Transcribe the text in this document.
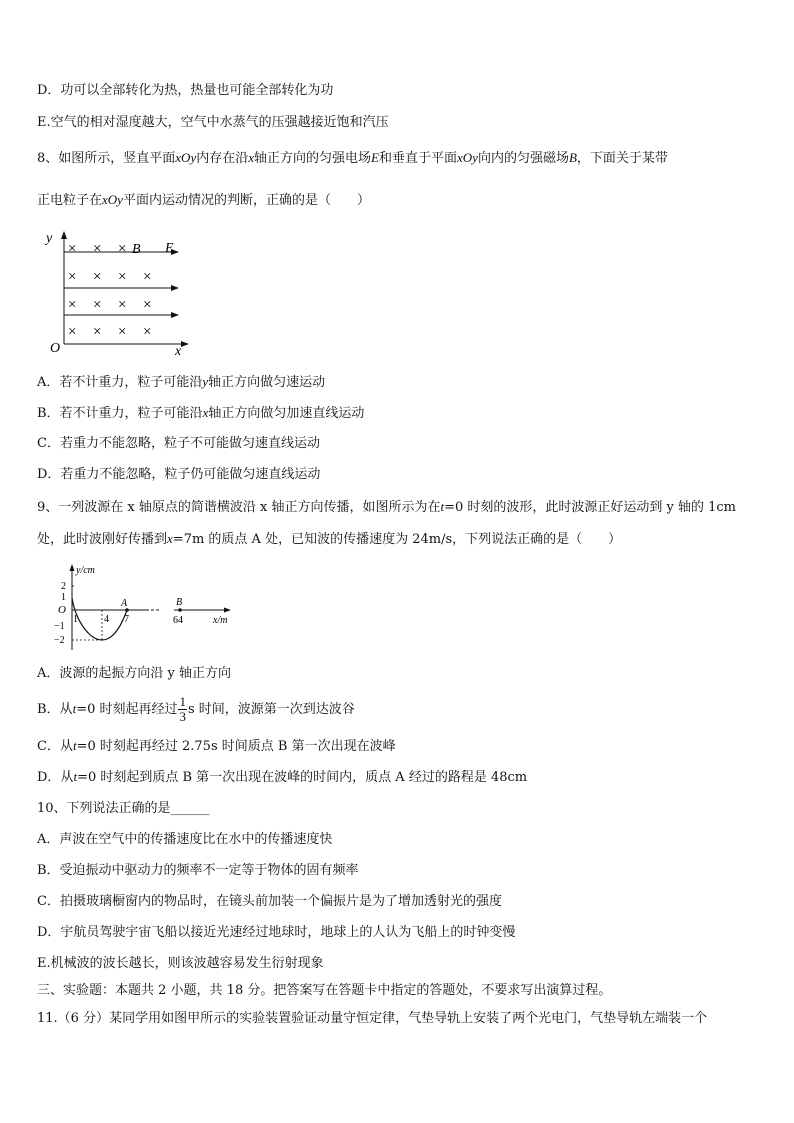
D．功可以全部转化为热，热量也可能全部转化为功
E.空气的相对湿度越大，空气中水蒸气的压强越接近饱和汽压
8、如图所示，竖直平面xOy内存在沿x轴正方向的匀强电场E和垂直于平面xOy向内的匀强磁场B，下面关于某带
正电粒子在xOy平面内运动情况的判断，正确的是（　　）
y
x
O
B E
× × ×
× × × ×
× × × ×
× × × ×
A．若不计重力，粒子可能沿y轴正方向做匀速运动
B．若不计重力，粒子可能沿x轴正方向做匀加速直线运动
C．若重力不能忽略，粒子不可能做匀速直线运动
D．若重力不能忽略，粒子仍可能做匀速直线运动
9、一列波源在 x 轴原点的简谐横波沿 x 轴正方向传播，如图所示为在t=0 时刻的波形，此时波源正好运动到 y 轴的 1cm
处，此时波刚好传播到x=7m 的质点 A 处，已知波的传播速度为 24m/s，下列说法正确的是（　　）
y/cm
x/m
O
2
1
−1
−2
1	4 7	64
A	B
A．波源的起振方向沿 y 轴正方向
B．从t=0 时刻起再经过 $\frac{1}{3}$ s 时间，波源第一次到达波谷
C．从t=0 时刻起再经过 2.75s 时间质点 B 第一次出现在波峰
D．从t=0 时刻起到质点 B 第一次出现在波峰的时间内，质点 A 经过的路程是 48cm
10、下列说法正确的是______
A．声波在空气中的传播速度比在水中的传播速度快
B．受迫振动中驱动力的频率不一定等于物体的固有频率
C．拍摄玻璃橱窗内的物品时，在镜头前加装一个偏振片是为了增加透射光的强度
D．宇航员驾驶宇宙飞船以接近光速经过地球时，地球上的人认为飞船上的时钟变慢
E.机械波的波长越长，则该波越容易发生衍射现象
三、实验题：本题共 2 小题，共 18 分。把答案写在答题卡中指定的答题处，不要求写出演算过程。
11.（6 分）某同学用如图甲所示的实验装置验证动量守恒定律，气垫导轨上安装了两个光电门，气垫导轨左端装一个
